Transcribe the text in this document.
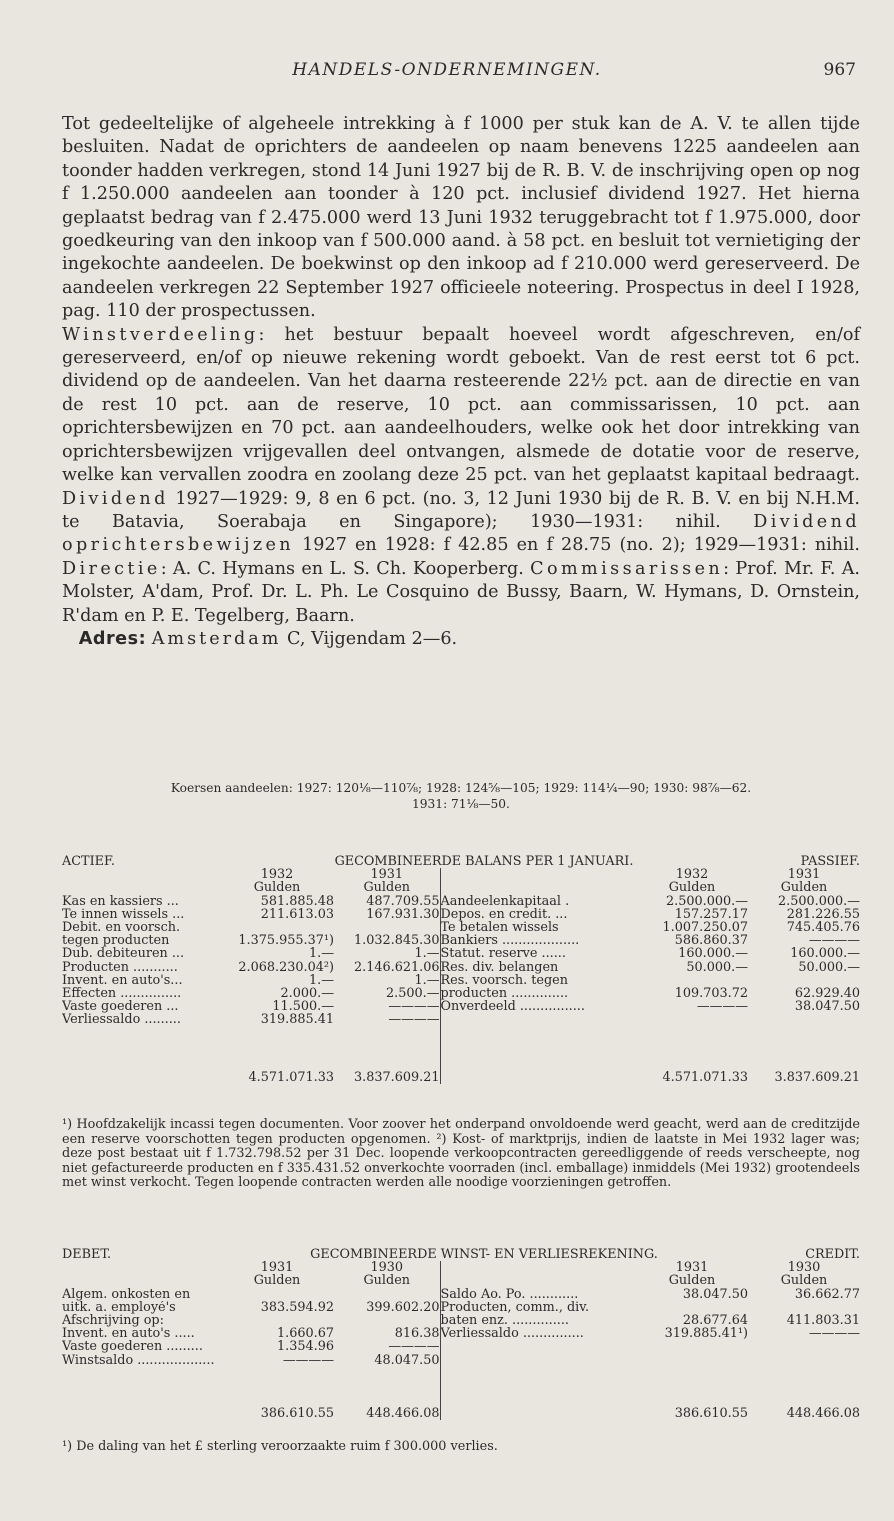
HANDELS-ONDERNEMINGEN.	967

Tot gedeeltelijke of algeheele intrekking à f 1000 per stuk kan de A. V. te allen tijde besluiten. Nadat de oprichters de aandeelen op naam benevens 1225 aandeelen aan toonder hadden verkregen, stond 14 Juni 1927 bij de R. B. V. de inschrijving open op nog f 1.250.000 aandeelen aan toonder à 120 pct. inclusief dividend 1927. Het hierna geplaatst bedrag van f 2.475.000 werd 13 Juni 1932 teruggebracht tot f 1.975.000, door goedkeuring van den inkoop van f 500.000 aand. à 58 pct. en besluit tot vernietiging der ingekochte aandeelen. De boekwinst op den inkoop ad f 210.000 werd gereserveerd. De aandeelen verkregen 22 September 1927 officieele noteering. Prospectus in deel I 1928, pag. 110 der prospectussen.

Winstverdeeling: het bestuur bepaalt hoeveel wordt afgeschreven, en/of gereserveerd, en/of op nieuwe rekening wordt geboekt. Van de rest eerst tot 6 pct. dividend op de aandeelen. Van het daarna resteerende 22½ pct. aan de directie en van de rest 10 pct. aan de reserve, 10 pct. aan commissarissen, 10 pct. aan oprichtersbewijzen en 70 pct. aan aandeelhouders, welke ook het door intrekking van oprichtersbewijzen vrijgevallen deel ontvangen, alsmede de dotatie voor de reserve, welke kan vervallen zoodra en zoolang deze 25 pct. van het geplaatst kapitaal bedraagt. Dividend 1927—1929: 9, 8 en 6 pct. (no. 3, 12 Juni 1930 bij de R. B. V. en bij N.H.M. te Batavia, Soerabaja en Singapore); 1930—1931: nihil. Dividend oprichtersbewijzen 1927 en 1928: f 42.85 en f 28.75 (no. 2); 1929—1931: nihil. Directie: A. C. Hymans en L. S. Ch. Kooperberg. Commissarissen: Prof. Mr. F. A. Molster, A'dam, Prof. Dr. L. Ph. Le Cosquino de Bussy, Baarn, W. Hymans, D. Ornstein, R'dam en P. E. Tegelberg, Baarn.

Adres: Amsterdam C, Vijgendam 2—6.

Koersen aandeelen: 1927: 120⅛—110⅞; 1928: 124⅝—105; 1929: 114¼—90; 1930: 98⅞—62.
1931: 71⅛—50.
ACTIEF.	GECOMBINEERDE BALANS PER 1 JANUARI.				PASSIEF.
	1932	1931		1932	1931
	Gulden	Gulden		Gulden	Gulden
Kas en kassiers ...	581.885.48	487.709.55	Aandeelenkapitaal .	2.500.000.—	2.500.000.—
Te innen wissels ...	211.613.03	167.931.30	Depos. en credit. ...	157.257.17	281.226.55
Debit. en voorsch.			Te betalen wissels	1.007.250.07	745.405.76
tegen producten	1.375.955.37¹)	1.032.845.30	Bankiers ...................	586.860.37	————
Dub. debiteuren ...	1.—	1.—	Statut. reserve ......	160.000.—	160.000.—
Producten ...........	2.068.230.04²)	2.146.621.06	Res. div. belangen	50.000.—	50.000.—
Invent. en auto's...	1.—	1.—	Res. voorsch. tegen		
Effecten ...............	2.000.—	2.500.—	producten ..............	109.703.72	62.929.40
Vaste goederen ...	11.500.—	————	Onverdeeld ................	————	38.047.50
Verliessaldo .........	319.885.41	————			

	4.571.071.33	3.837.609.21		4.571.071.33	3.837.609.21

¹) Hoofdzakelijk incassi tegen documenten. Voor zoover het onderpand onvoldoende werd geacht, werd aan de creditzijde een reserve voorschotten tegen producten opgenomen. ²) Kost- of marktprijs, indien de laatste in Mei 1932 lager was; deze post bestaat uit f 1.732.798.52 per 31 Dec. loopende verkoopcontracten gereedliggende of reeds verscheepte, nog niet gefactureerde producten en f 335.431.52 onverkochte voorraden (incl. emballage) inmiddels (Mei 1932) grootendeels met winst verkocht. Tegen loopende contracten werden alle noodige voorzieningen getroffen.

DEBET.	GECOMBINEERDE WINST- EN VERLIESREKENING.				CREDIT.
	1931	1930		1931	1930
	Gulden	Gulden		Gulden	Gulden
Algem. onkosten en			Saldo Ao. Po. ............	38.047.50	36.662.77
uitk. a. employé's	383.594.92	399.602.20	Producten, comm., div.		
Afschrijving op:			baten enz. ..............	28.677.64	411.803.31
Invent. en auto's .....	1.660.67	816.38	Verliessaldo ...............	319.885.41¹)	————
Vaste goederen .........	1.354.96	————			
Winstsaldo ...................	————	48.047.50			

	386.610.55	448.466.08		386.610.55	448.466.08

¹) De daling van het £ sterling veroorzaakte ruim f 300.000 verlies.
